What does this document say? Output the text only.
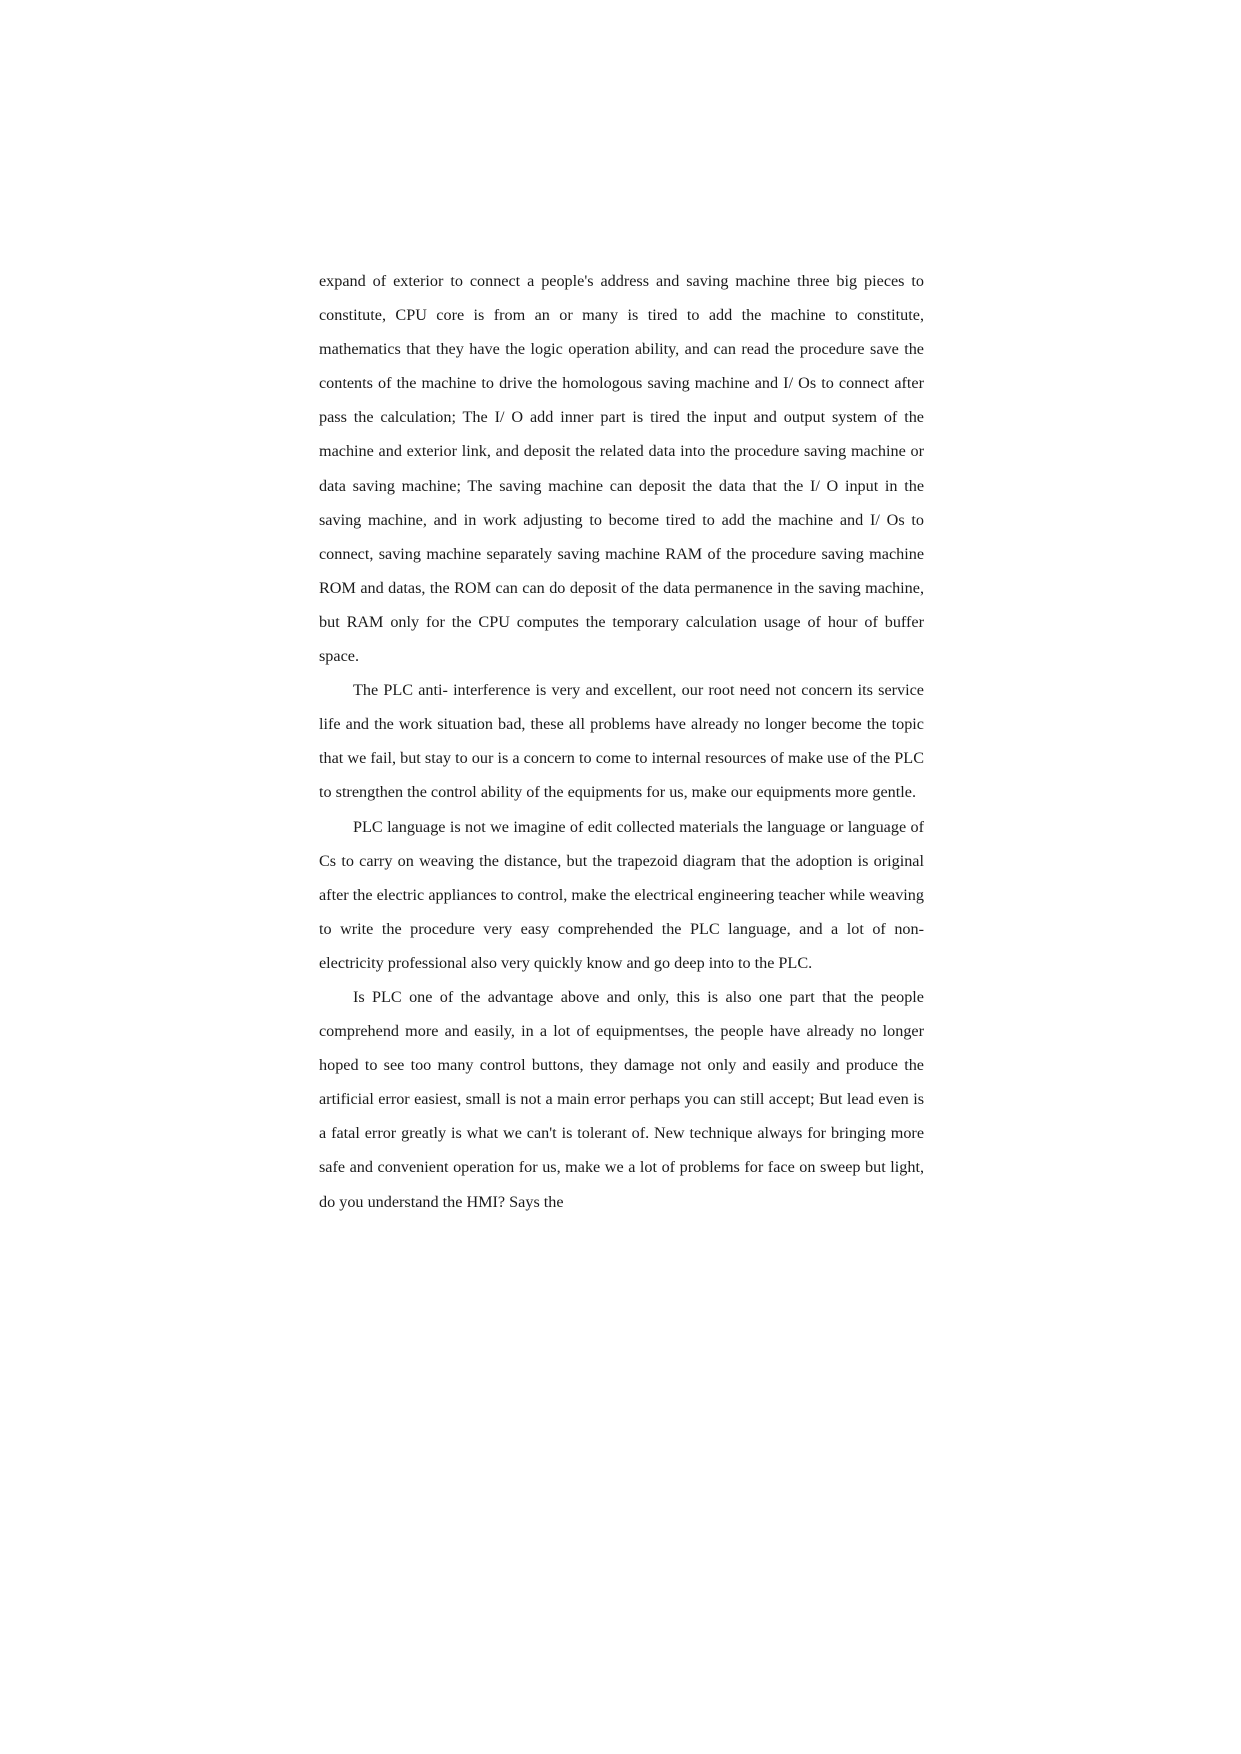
expand of exterior to connect a people's address and saving machine three big pieces to constitute, CPU core is from an or many is tired to add the machine to constitute, mathematics that they have the logic operation ability, and can read the procedure save the contents of the machine to drive the homologous saving machine and I/ Os to connect after pass the calculation; The I/ O add inner part is tired the input and output system of the machine and exterior link, and deposit the related data into the procedure saving machine or data saving machine; The saving machine can deposit the data that the I/ O input in the saving machine, and in work adjusting to become tired to add the machine and I/ Os to connect, saving machine separately saving machine RAM of the procedure saving machine ROM and datas, the ROM can can do deposit of the data permanence in the saving machine, but RAM only for the CPU computes the temporary calculation usage of hour of buffer space.

The PLC anti- interference is very and excellent, our root need not concern its service life and the work situation bad, these all problems have already no longer become the topic that we fail, but stay to our is a concern to come to internal resources of make use of the PLC to strengthen the control ability of the equipments for us, make our equipments more gentle.

PLC language is not we imagine of edit collected materials the language or language of Cs to carry on weaving the distance, but the trapezoid diagram that the adoption is original after the electric appliances to control, make the electrical engineering teacher while weaving to write the procedure very easy comprehended the PLC language, and a lot of non- electricity professional also very quickly know and go deep into to the PLC.

Is PLC one of the advantage above and only, this is also one part that the people comprehend more and easily, in a lot of equipmentses, the people have already no longer hoped to see too many control buttons, they damage not only and easily and produce the artificial error easiest, small is not a main error perhaps you can still accept; But lead even is a fatal error greatly is what we can't is tolerant of. New technique always for bringing more safe and convenient operation for us, make we a lot of problems for face on sweep but light, do you understand the HMI? Says the
